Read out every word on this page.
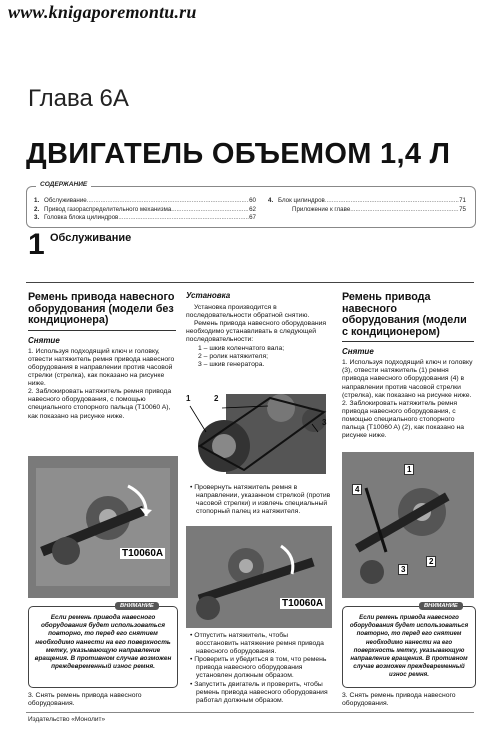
www.knigaporemontu.ru
Глава 6А
ДВИГАТЕЛЬ ОБЪЕМОМ 1,4 Л
СОДЕРЖАНИЕ
1. Обслуживание .....	60
2. Привод газораспределительного механизма .....	62
3. Головка блока цилиндров .....	67
4. Блок цилиндров .....	71
Приложение к главе .....	75
1 Обслуживание
Ремень привода навесного оборудования (модели без кондиционера)
Снятие

1. Используя подходящий ключ и головку, отвести натяжитель ремня привода навесного оборудования в направлении против часовой стрелки (стрелка), как показано на рисунке ниже.

2. Заблокировать натяжитель ремня привода навесного оборудования, с помощью специального стопорного пальца (T10060 A), как показано на рисунке ниже.

T10060A
ВНИМАНИЕ
Если ремень привода навесного оборудования будет использоваться повторно, то перед его снятием необходимо нанести на его поверхность метку, указывающую направление вращения. В противном случае возможен преждевременный износ ремня.
3. Снять ремень привода навесного оборудования.
Установка

Установка производится в последовательности обратной снятию.

Ремень привода навесного оборудования необходимо устанавливать в следующей последовательности:

1 – шкив коленчатого вала;

2 – ролик натяжителя;

3 – шкив генератора.

1	2
3

• Провернуть натяжитель ремня в направлении, указанном стрелкой (против часовой стрелки) и извлечь специальный стопорный палец из натяжителя.

T10060A

• Отпустить натяжитель, чтобы восстановить натяжение ремня привода навесного оборудования.

• Проверить и убедиться в том, что ремень привода навесного оборудования установлен должным образом.

• Запустить двигатель и проверить, чтобы ремень привода навесного оборудования работал должным образом.

Ремень привода навесного оборудования (модели с кондиционером)
Снятие

1. Используя подходящий ключ и головку (3), отвести натяжитель (1) ремня привода навесного оборудования (4) в направлении против часовой стрелки (стрелка), как показано на рисунке ниже.

2. Заблокировать натяжитель ремня привода навесного оборудования, с помощью специального стопорного пальца (T10060 A) (2), как показано на рисунке ниже.

1
4
2
3
ВНИМАНИЕ
Если ремень привода навесного оборудования будет использоваться повторно, то перед его снятием необходимо нанести на его поверхность метку, указывающую направление вращения. В противном случае возможен преждевременный износ ремня.
3. Снять ремень привода навесного оборудования.
Издательство «Монолит»
